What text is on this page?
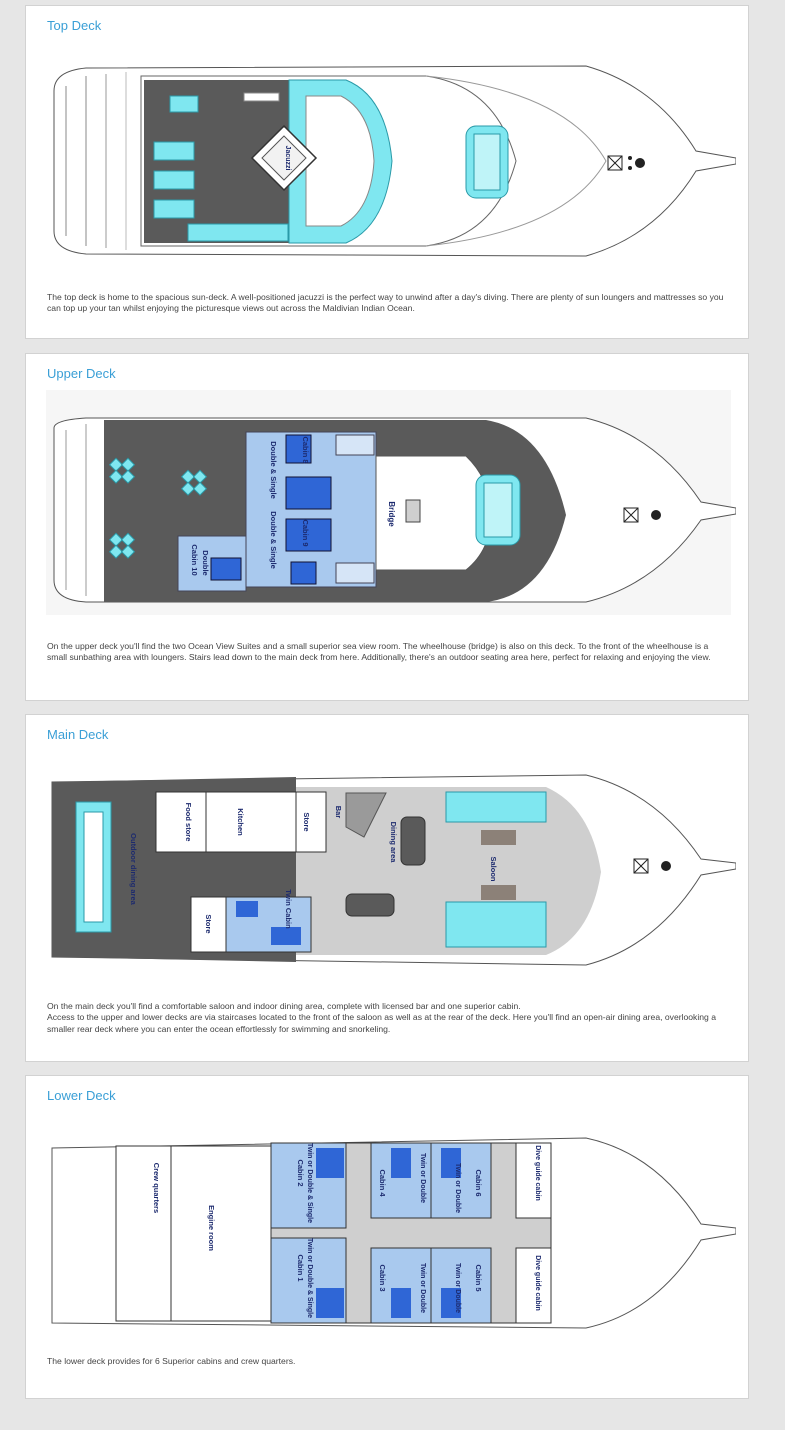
Top Deck
Jacuzzi
The top deck is home to the spacious sun-deck. A well-positioned jacuzzi is the perfect way to unwind after a day's diving. There are plenty of sun loungers and mattresses so you can top up your tan whilst enjoying the picturesque views out across the Maldivian Indian Ocean.
Upper Deck
Cabin 8
Double & Single
Cabin 9
Double & Single
Cabin 10 Double
Bridge
On the upper deck you'll find the two Ocean View Suites and a small superior sea view room. The wheelhouse (bridge) is also on this deck. To the front of the wheelhouse is a small sunbathing area with loungers. Stairs lead down to the main deck from here. Additionally, there's an outdoor seating area here, perfect for relaxing and enjoying the view.
Main Deck
Outdoor dining area
Food store	Kitchen	Store
Bar
Dining area
Saloon
Store	Twin Cabin

On the main deck you'll find a comfortable saloon and indoor dining area, complete with licensed bar and one superior cabin.

Access to the upper and lower decks are via staircases located to the front of the saloon as well as at the rear of the deck. Here you'll find an open-air dining area, overlooking a smaller rear deck where you can enter the ocean effortlessly for swimming and snorkeling.

Lower Deck
Crew quarters
Engine room
Cabin 2 Twin or Double & Single
Cabin 1 Twin or Double & Single
Cabin 4	Twin or Double
Cabin 3	Twin or Double
Cabin 6
Twin or Double
Cabin 5
Twin or Double
Dive guide cabin
Dive guide cabin
The lower deck provides for 6 Superior cabins and crew quarters.
